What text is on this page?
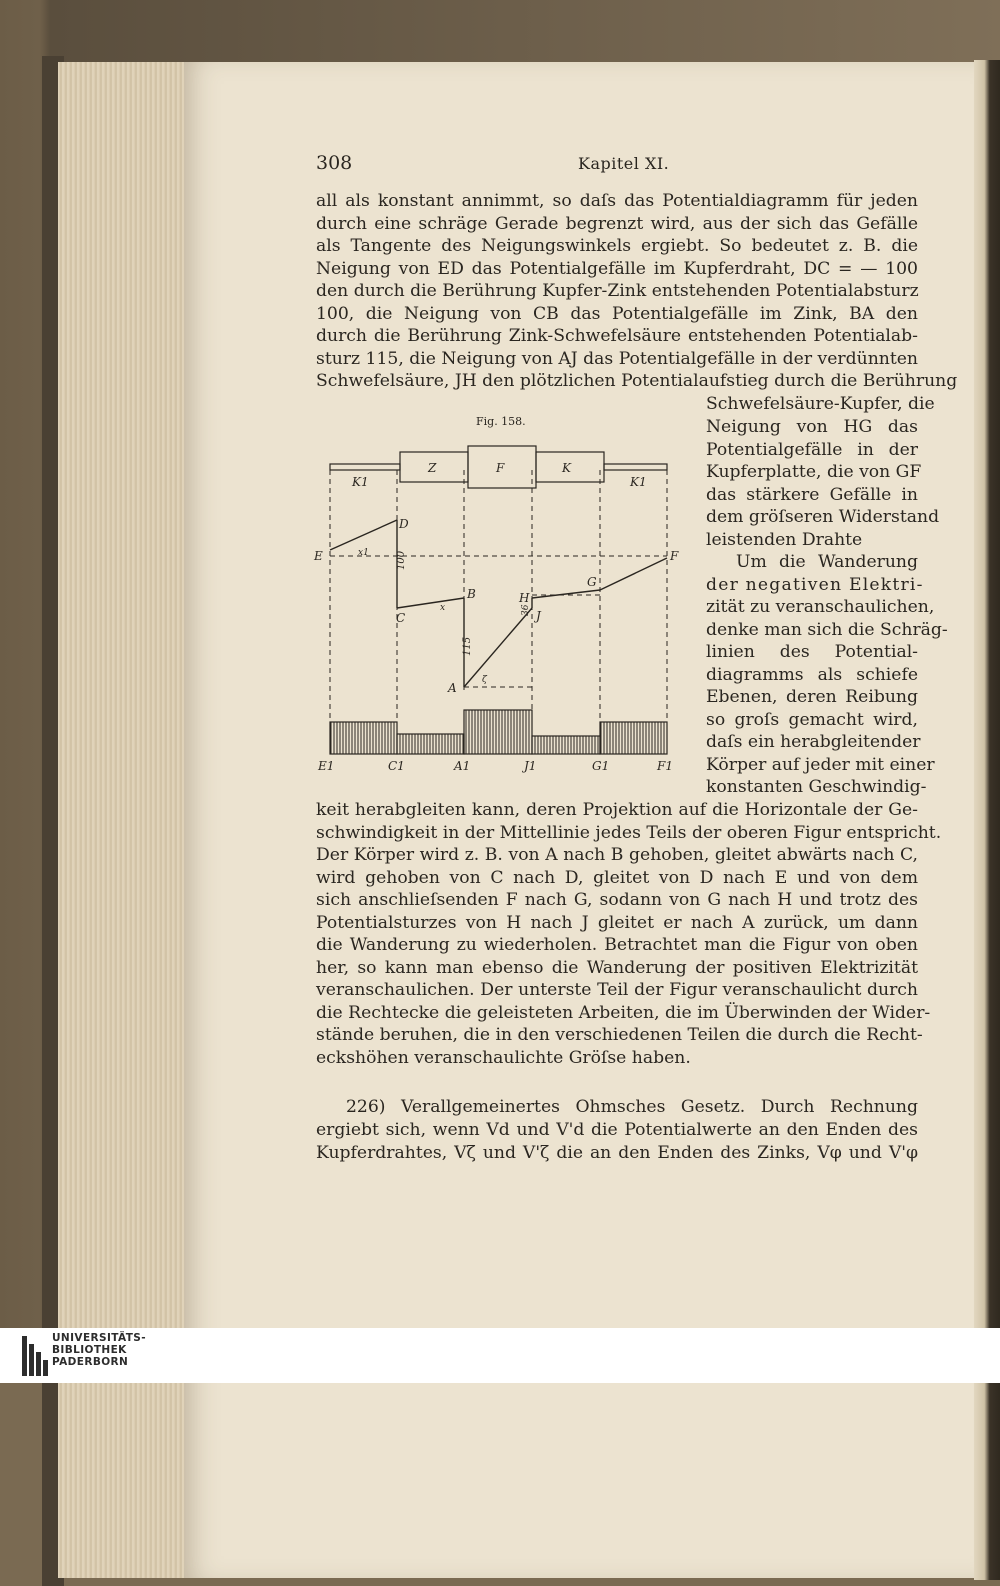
308	Kapitel XI.
all als konstant annimmt, so daſs das Potentialdiagramm für jeden
durch eine schräge Gerade begrenzt wird, aus der sich das Gefälle
als Tangente des Neigungswinkels ergiebt. So bedeutet z. B. die
Neigung von ED das Potentialgefälle im Kupferdraht, DC = — 100
den durch die Berührung Kupfer-Zink entstehenden Potentialabsturz
100, die Neigung von CB das Potentialgefälle im Zink, BA den
durch die Berührung Zink-Schwefelsäure entstehenden Potentialab-
sturz 115, die Neigung von AJ das Potentialgefälle in der verdünnten
Schwefelsäure, JH den plötzlichen Potentialaufstieg durch die Berührung
Schwefelsäure-Kupfer, die
Neigung von HG das
Potentialgefälle in der
Kupferplatte, die von GF
das stärkere Gefälle in
dem gröſseren Widerstand
leistenden Drahte
Um die Wanderung
der negativen Elektri-
zität zu veranschaulichen,
denke man sich die Schräg-
linien des Potential-
diagramms als schiefe
Ebenen, deren Reibung
so groſs gemacht wird,
daſs ein herabgleitender
Körper auf jeder mit einer
konstanten Geschwindig-
keit herabgleiten kann, deren Projektion auf die Horizontale der Ge-
schwindigkeit in der Mittellinie jedes Teils der oberen Figur entspricht.
Der Körper wird z. B. von A nach B gehoben, gleitet abwärts nach C,
wird gehoben von C nach D, gleitet von D nach E und von dem
sich anschlieſsenden F nach G, sodann von G nach H und trotz des
Potentialsturzes von H nach J gleitet er nach A zurück, um dann
die Wanderung zu wiederholen. Betrachtet man die Figur von oben
her, so kann man ebenso die Wanderung der positiven Elektrizität
veranschaulichen. Der unterste Teil der Figur veranschaulicht durch
die Rechtecke die geleisteten Arbeiten, die im Überwinden der Wider-
stände beruhen, die in den verschiedenen Teilen die durch die Recht-
eckshöhen veranschaulichte Gröſse haben.
226) Verallgemeinertes Ohmsches Gesetz. Durch Rechnung
ergiebt sich, wenn Vd und V'd die Potentialwerte an den Enden des
Kupferdrahtes, Vζ und V'ζ die an den Enden des Zinks, Vφ und V'φ
Fig. 158.
Z	F	K
K1	K1
D
E	F
B
C
G
H
J
A
100
115
36
x1
x
ζ
E1	C1	A1	J1	G1	F1
UNIVERSITÄTS-
BIBLIOTHEK
PADERBORN
